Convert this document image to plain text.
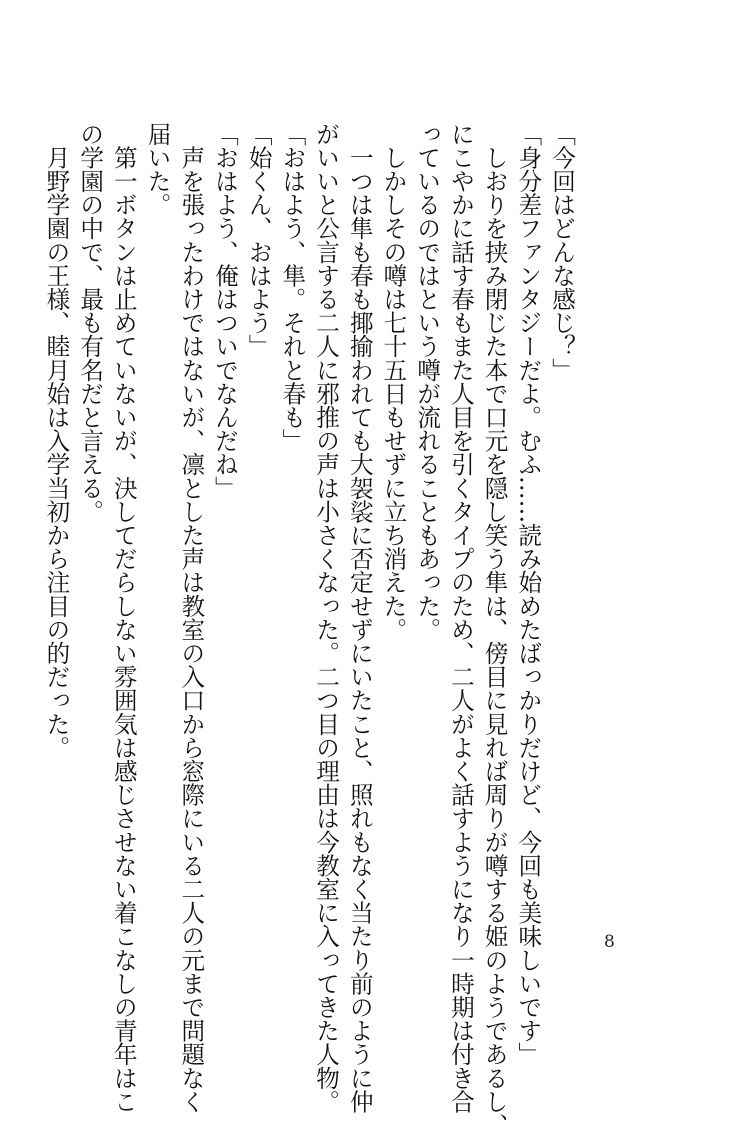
「今回はどんな感じ？」
「身分差ファンタジーだよ。むふ……読み始めたばっかりだけど、今回も美味しいです」
　しおりを挟み閉じた本で口元を隠し笑う隼は、傍目に見れば周りが噂する姫のようであるし、
にこやかに話す春もまた人目を引くタイプのため、二人がよく話すようになり一時期は付き合
っているのではという噂が流れることもあった。
　しかしその噂は七十五日もせずに立ち消えた。
　一つは隼も春も揶揄われても大袈裟に否定せずにいたこと、照れもなく当たり前のように仲
がいいと公言する二人に邪推の声は小さくなった。二つ目の理由は今教室に入ってきた人物。
「おはよう、隼。それと春も」
「始くん、おはよう」
「おはよう、俺はついでなんだね」
　声を張ったわけではないが、凛とした声は教室の入口から窓際にいる二人の元まで問題なく
届いた。
　第一ボタンは止めていないが、決してだらしない雰囲気は感じさせない着こなしの青年はこ
の学園の中で、最も有名だと言える。
　月野学園の王様、睦月始は入学当初から注目の的だった。
8
